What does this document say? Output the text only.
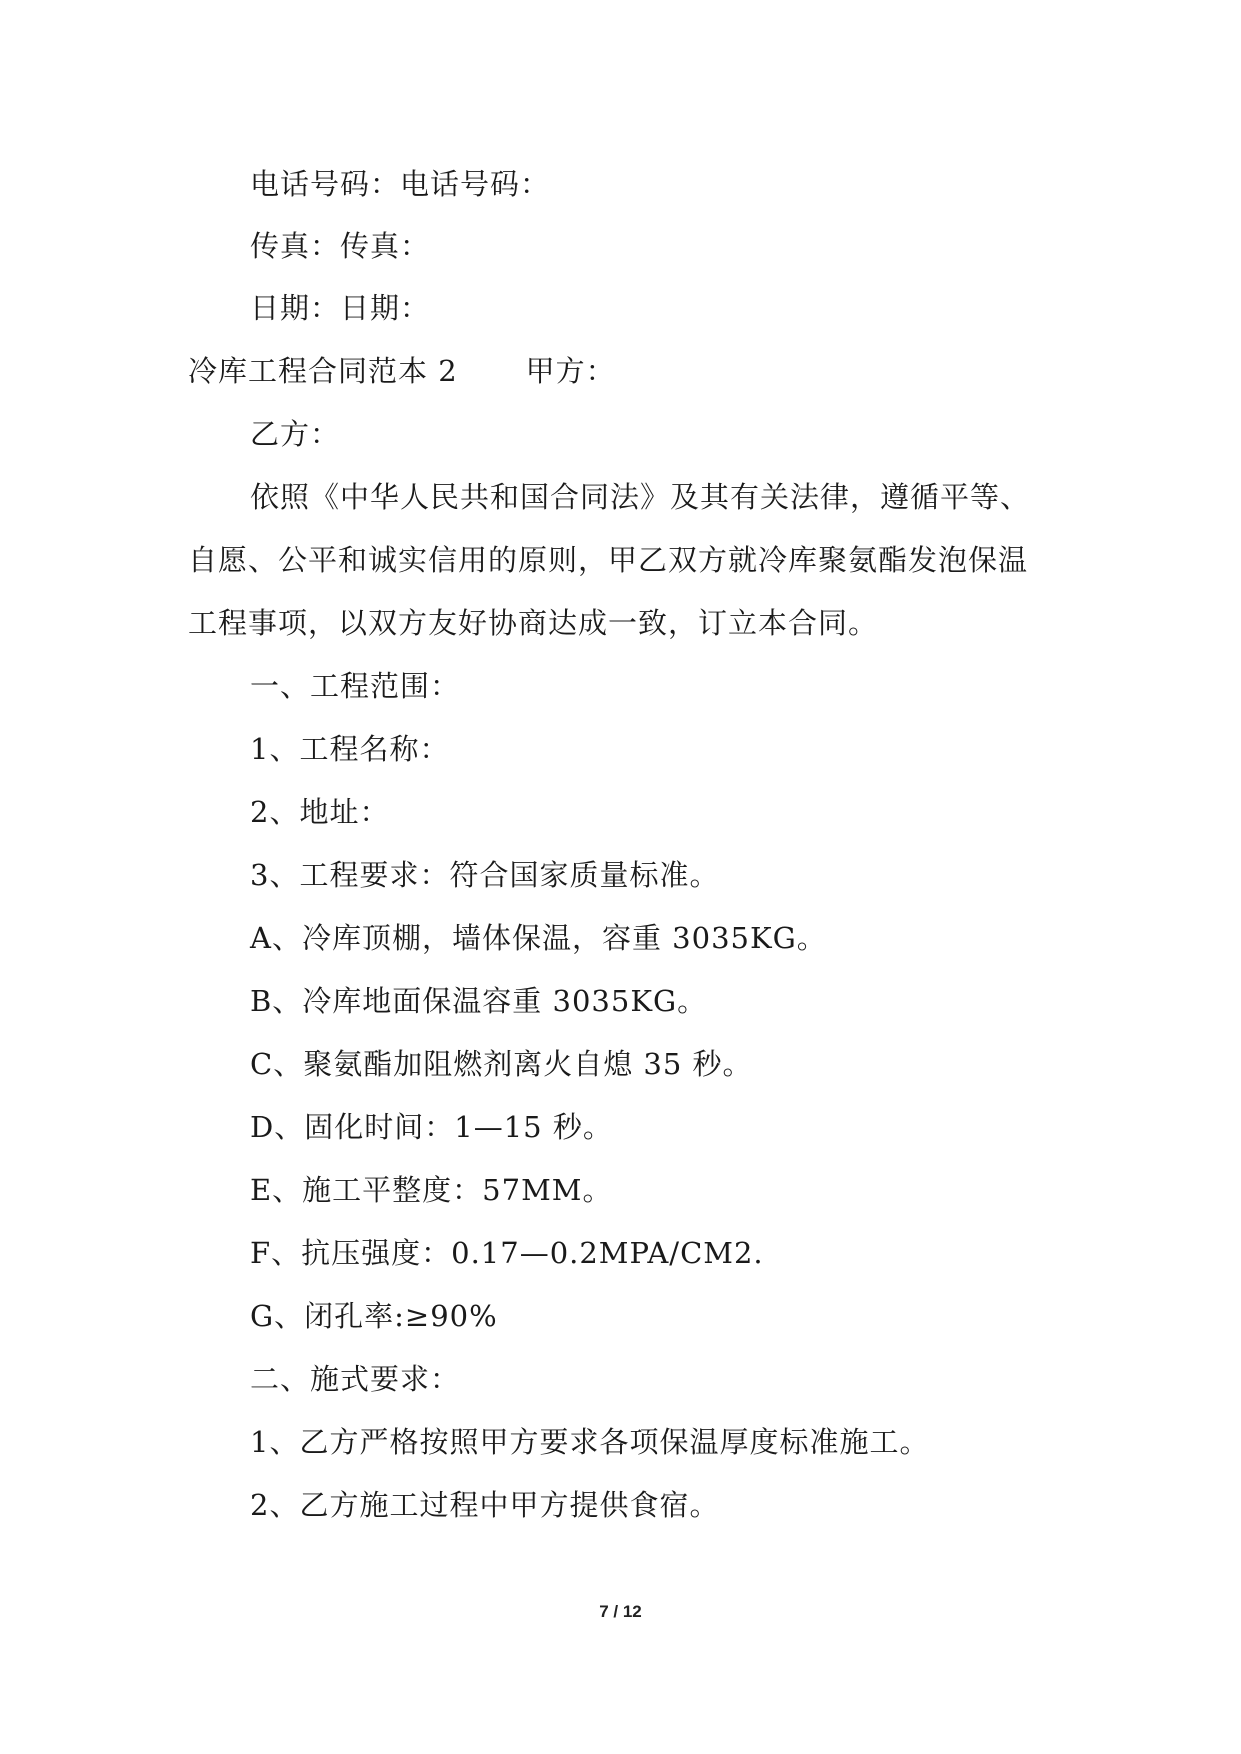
电话号码：电话号码：
传真：传真：
日期：日期：
冷库工程合同范本 2 甲方：
乙方：
依照《中华人民共和国合同法》及其有关法律，遵循平等、
自愿、公平和诚实信用的原则，甲乙双方就冷库聚氨酯发泡保温
工程事项，以双方友好协商达成一致，订立本合同。
一、工程范围：
1、工程名称：
2、地址：
3、工程要求：符合国家质量标准。
A、冷库顶棚，墙体保温，容重 3035KG。
B、冷库地面保温容重 3035KG。
C、聚氨酯加阻燃剂离火自熄 35 秒。
D、固化时间：1—15 秒。
E、施工平整度：57MM。
F、抗压强度：0.17—0.2MPA/CM2.
G、闭孔率:≥90%
二、施式要求：
1、乙方严格按照甲方要求各项保温厚度标准施工。
2、乙方施工过程中甲方提供食宿。
7 / 12
